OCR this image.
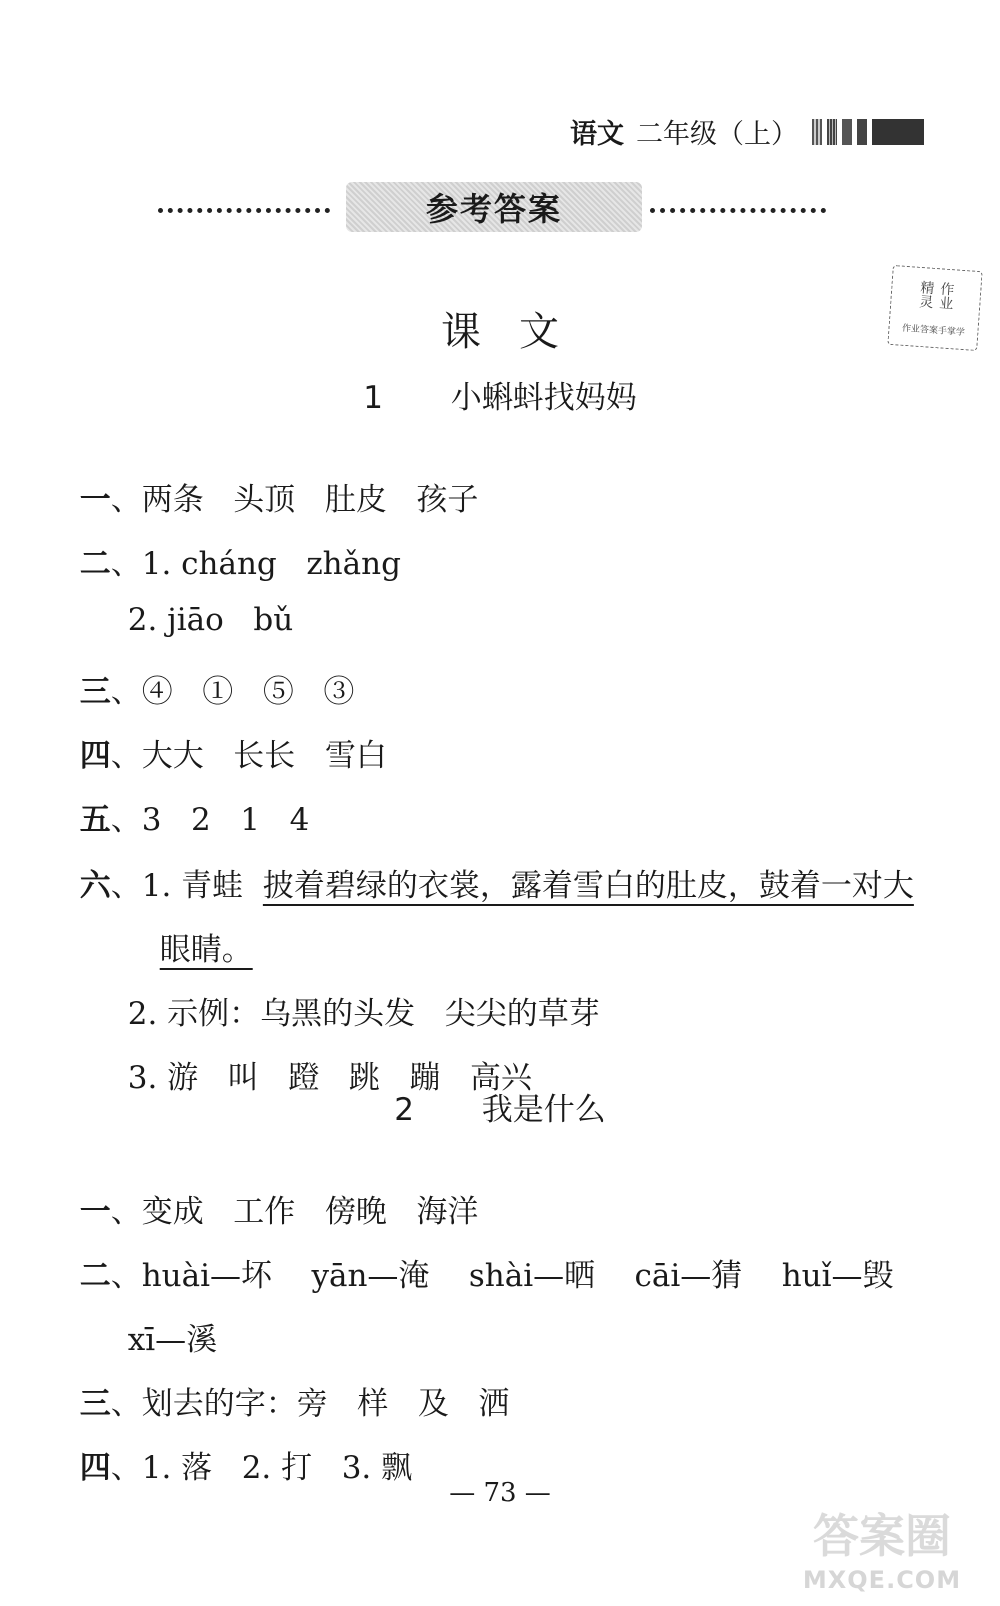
语文 二年级（上）
参考答案
作业精灵
作业答案手掌学
课文
1  小蝌蚪找妈妈

一、两条   头顶   肚皮   孩子

二、1. cháng   zhǎng

2. jiāo   bǔ

三、④   ①   ⑤   ③

四、大大   长长   雪白

五、3   2   1   4

六、1. 青蛙 披着碧绿的衣裳，露着雪白的肚皮，鼓着一对大

眼睛。

2. 示例：乌黑的头发   尖尖的草芽

3. 游   叫   蹬   跳   蹦   高兴

2  我是什么

一、变成   工作   傍晚   海洋

二、huài—坏    yān—淹    shài—晒    cāi—猜    huǐ—毁

xī—溪

三、划去的字：旁   样   及   洒

四、1. 落   2. 打   3. 飘

— 73 —
答案圈
MXQE.COM
